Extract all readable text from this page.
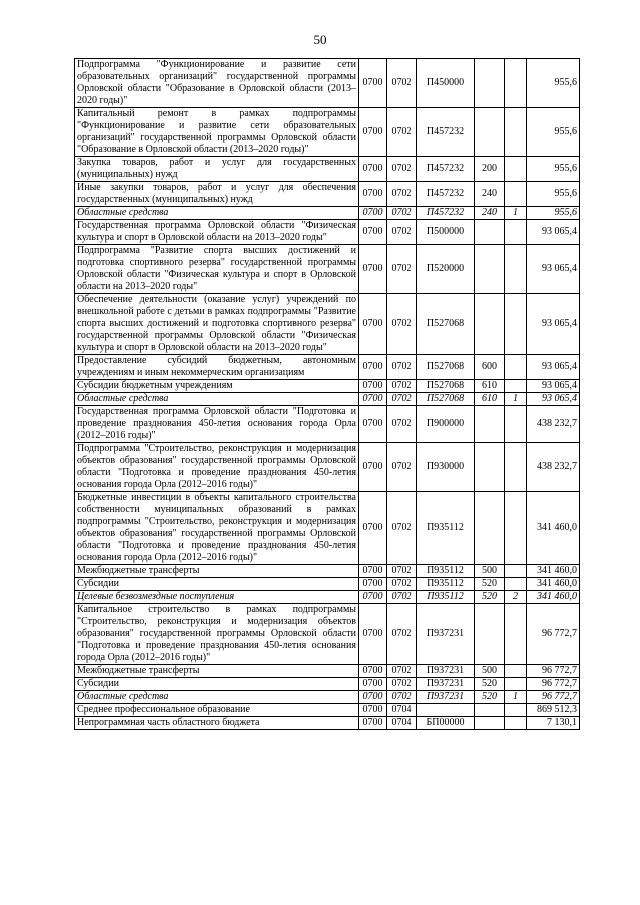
50
Подпрограмма "Функционирование и развитие сети образовательных организаций" государственной программы Орловской области "Образование в Орловской области (2013–2020 годы)"	0700	0702	П450000			955,6
Капитальный ремонт в рамках подпрограммы "Функционирование и развитие сети образовательных организаций" государственной программы Орловской области "Образование в Орловской области (2013–2020 годы)"	0700	0702	П457232			955,6
Закупка товаров, работ и услуг для государственных (муниципальных) нужд	0700	0702	П457232	200		955,6
Иные закупки товаров, работ и услуг для обеспечения государственных (муниципальных) нужд	0700	0702	П457232	240		955,6
Областные средства	0700	0702	П457232	240	1	955,6
Государственная программа Орловской области "Физическая культура и спорт в Орловской области на 2013–2020 годы"	0700	0702	П500000			93 065,4
Подпрограмма "Развитие спорта высших достижений и подготовка спортивного резерва" государственной программы Орловской области "Физическая культура и спорт в Орловской области на 2013–2020 годы"	0700	0702	П520000			93 065,4
Обеспечение деятельности (оказание услуг) учреждений по внешкольной работе с детьми в рамках подпрограммы "Развитие спорта высших достижений и подготовка спортивного резерва" государственной программы Орловской области "Физическая культура и спорт в Орловской области на 2013–2020 годы"	0700	0702	П527068			93 065,4
Предоставление субсидий бюджетным, автономным учреждениям и иным некоммерческим организациям	0700	0702	П527068	600		93 065,4
Субсидии бюджетным учреждениям	0700	0702	П527068	610		93 065,4
Областные средства	0700	0702	П527068	610	1	93 065,4
Государственная программа Орловской области "Подготовка и проведение празднования 450-летия основания города Орла (2012–2016 годы)"	0700	0702	П900000			438 232,7
Подпрограмма "Строительство, реконструкция и модернизация объектов образования" государственной программы Орловской области "Подготовка и проведение празднования 450-летия основания города Орла (2012–2016 годы)"	0700	0702	П930000			438 232,7
Бюджетные инвестиции в объекты капитального строительства собственности муниципальных образований в рамках подпрограммы "Строительство, реконструкция и модернизация объектов образования" государственной программы Орловской области "Подготовка и проведение празднования 450-летия основания города Орла (2012–2016 годы)"	0700	0702	П935112			341 460,0
Межбюджетные трансферты	0700	0702	П935112	500		341 460,0
Субсидии	0700	0702	П935112	520		341 460,0
Целевые безвозмездные поступления	0700	0702	П935112	520	2	341 460,0
Капитальное строительство в рамках подпрограммы "Строительство, реконструкция и модернизация объектов образования" государственной программы Орловской области "Подготовка и проведение празднования 450-летия основания города Орла (2012–2016 годы)"	0700	0702	П937231			96 772,7
Межбюджетные трансферты	0700	0702	П937231	500		96 772,7
Субсидии	0700	0702	П937231	520		96 772,7
Областные средства	0700	0702	П937231	520	1	96 772,7
Среднее профессиональное образование	0700	0704				869 512,3
Непрограммная часть областного бюджета	0700	0704	БП00000			7 130,1
